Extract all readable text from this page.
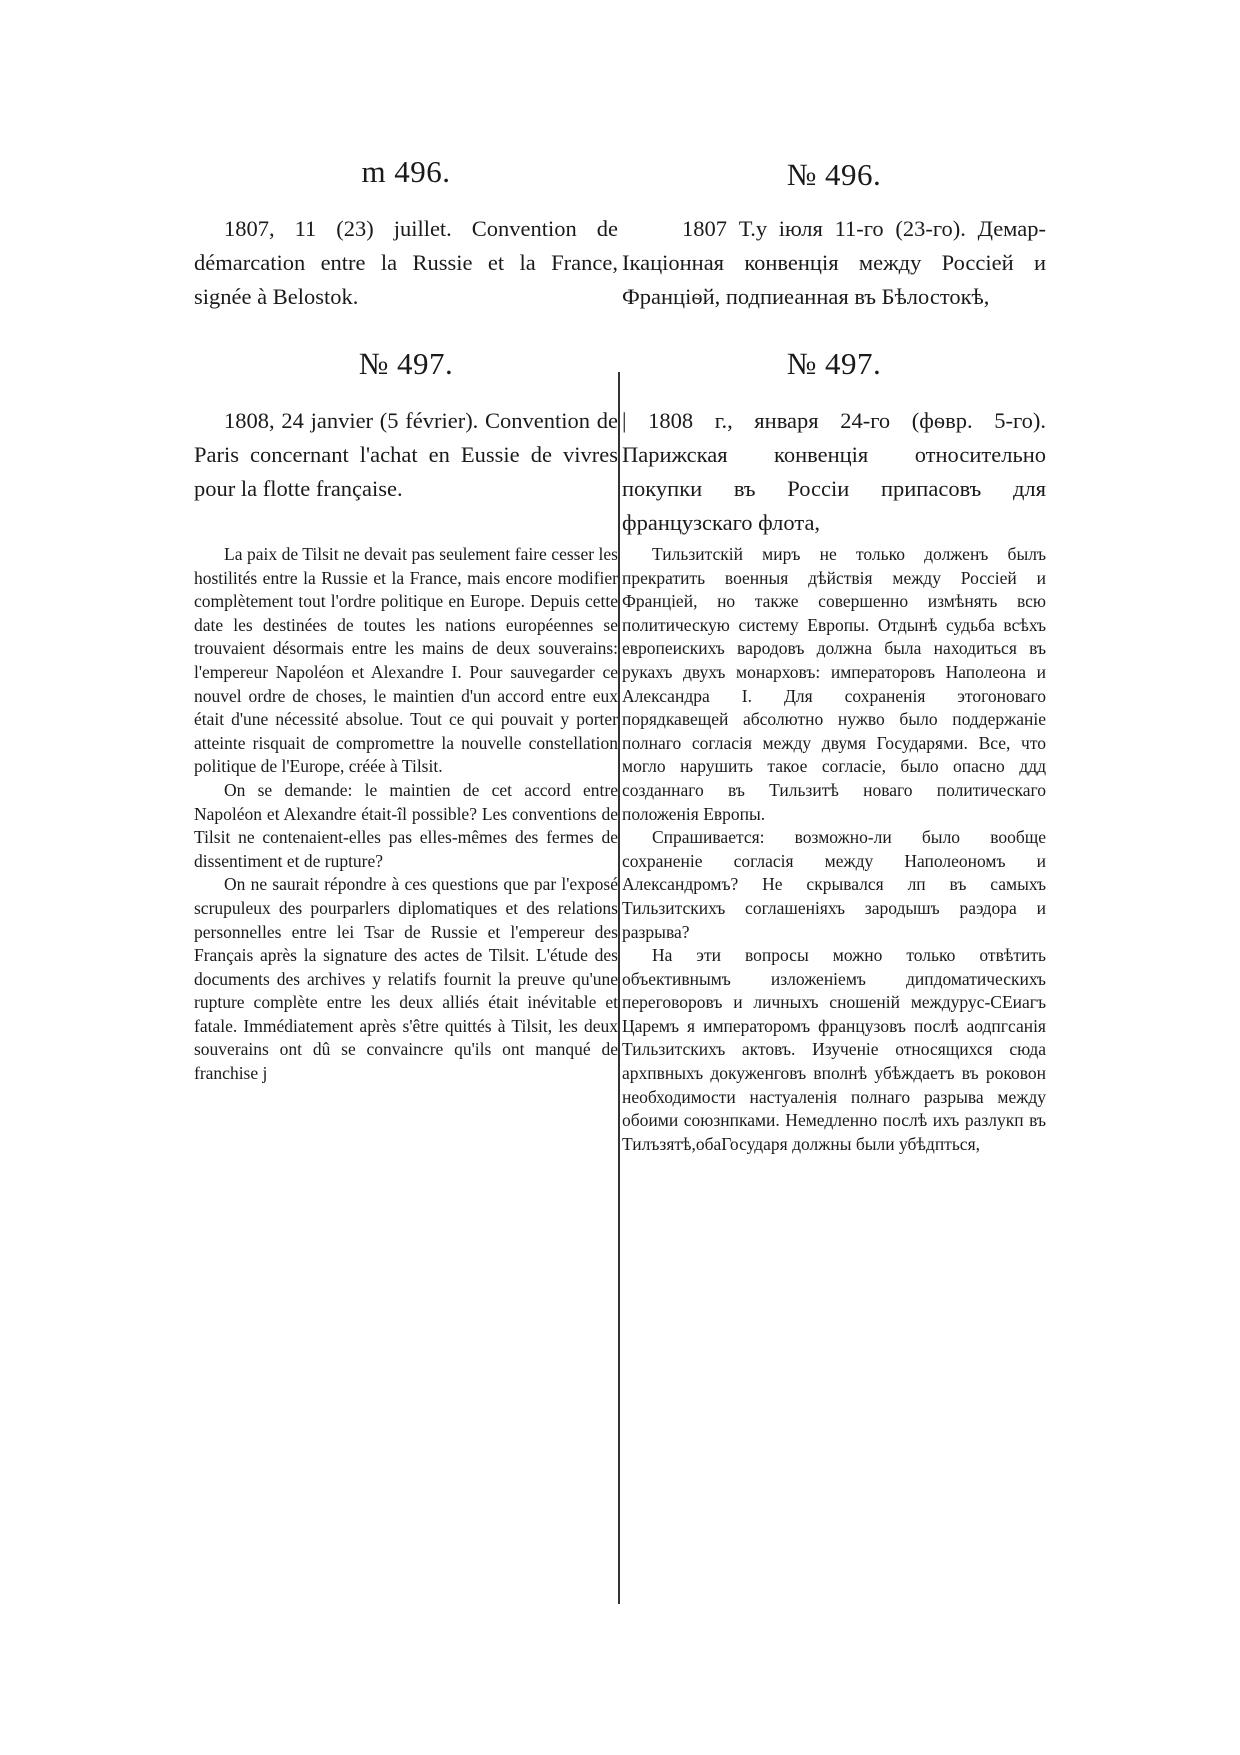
m 496.
1807, 11 (23) juillet. Convention de démarcation entre la Russie et la France, signée à Belostok.
№ 497.
1808, 24 janvier (5 février). Convention de Paris concernant l'achat en Eussie de vivres pour la flotte française.

La paix de Tilsit ne devait pas seulement faire cesser les hostilités entre la Russie et la France, mais encore modifier complètement tout l'ordre politique en Europe. Depuis cette date les destinées de toutes les nations européennes se trouvaient désormais entre les mains de deux souverains: l'empereur Napoléon et Alexandre I. Pour sauvegarder ce nouvel ordre de choses, le maintien d'un accord entre eux était d'une nécessité absolue. Tout ce qui pouvait y porter atteinte risquait de compromettre la nouvelle constellation politique de l'Europe, créée à Tilsit.

On se demande: le maintien de cet accord entre Napoléon et Alexandre était-îl possible? Les conventions de Tilsit ne contenaient-elles pas elles-mêmes des fermes de dissentiment et de rupture?

On ne saurait répondre à ces questions que par l'exposé scrupuleux des pourparlers diplomatiques et des relations personnelles entre lei Tsar de Russie et l'empereur des Français après la signature des actes de Tilsit. L'étude des documents des archives y relatifs fournit la preuve qu'une rupture complète entre les deux alliés était inévitable et fatale. Immédiatement après s'être quittés à Tilsit, les deux souverains ont dû se convaincre qu'ils ont manqué de franchise j

№ 496.
1807 Т.у іюля 11-го (23-го). Демар-Ікаціонная конвенція между Россіей и Франціѳй, подпиеанная въ Бѣлостокѣ,
№ 497.
| 1808 г., января 24-го (фѳвр. 5-го). Парижская конвенція относительно покупки въ Россіи припасовъ для французскаго флота,

Тильзитскій миръ не только долженъ былъ прекратить военныя дѣйствія между Россіей и Франціей, но также совершенно измѣнять всю политическую систему Европы. Отдынѣ судьба всѣхъ европеискихъ вародовъ должна была находиться въ рукахъ двухъ монарховъ: императоровъ Наполеона и Александра І. Для сохраненія этогоноваго порядкавещей абсолютно нужво было поддержаніе полнаго согласія между двумя Государями. Все, что могло нарушить такое согласіе, было опасно ддд созданнаго въ Тильзитѣ новаго политическаго положенія Европы.

Спрашивается: возможно-ли было вообще сохраненіе согласія между Наполеономъ и Александромъ? Не скрывался лп въ самыхъ Тильзитскихъ соглашеніяхъ зародышъ раэдора и разрыва?

На эти вопросы можно только отвѣтить объективнымъ изложеніемъ дипдоматическихъ переговоровъ и личныхъ сношеній междурус-СЕиагъ Царемъ я императоромъ французовъ послѣ аодпгсанія Тильзитскихъ актовъ. Изученіе относящихся сюда архпвныхъ докуженговъ вполнѣ убѣждаетъ въ роковон необходимости настуаленія полнаго разрыва между обоими союзнпками. Немедленно послѣ ихъ разлукп въ Тилъзятѣ,обаГосударя должны были убѣдпться,
